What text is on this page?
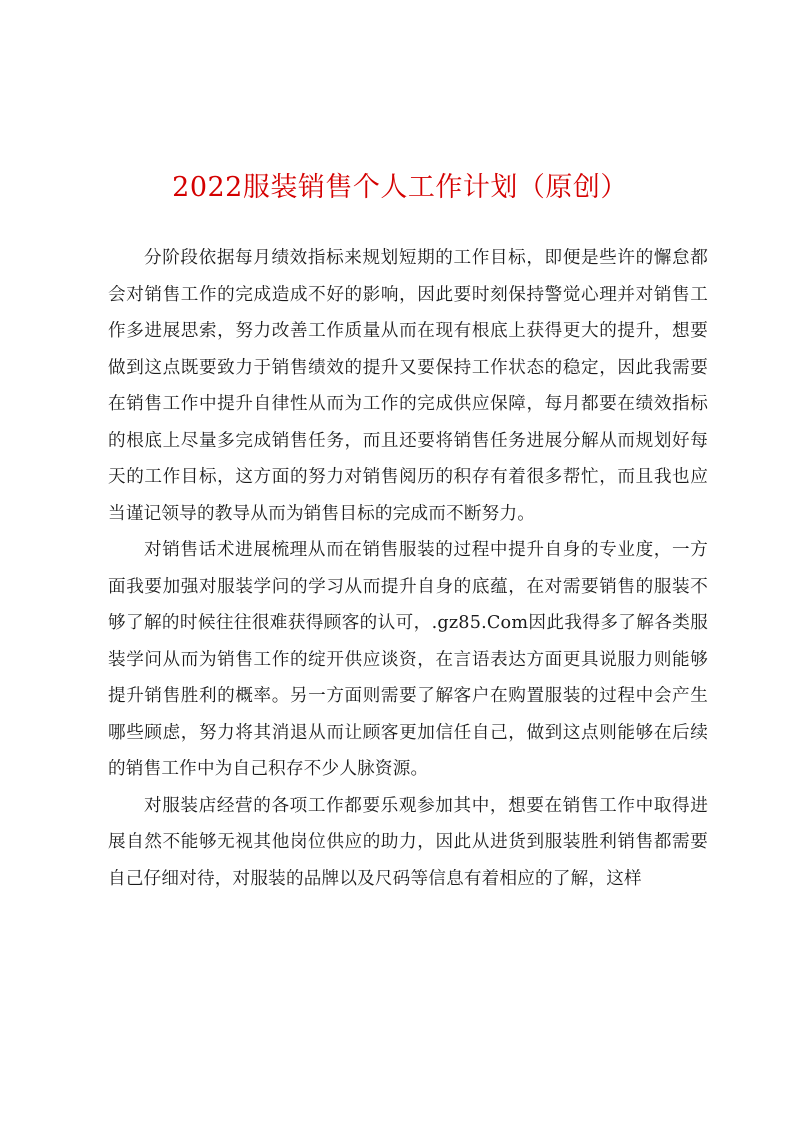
2022服装销售个人工作计划（原创）

分阶段依据每月绩效指标来规划短期的工作目标，即便是些许的懈怠都会对销售工作的完成造成不好的影响，因此要时刻保持警觉心理并对销售工作多进展思索，努力改善工作质量从而在现有根底上获得更大的提升，想要做到这点既要致力于销售绩效的提升又要保持工作状态的稳定，因此我需要在销售工作中提升自律性从而为工作的完成供应保障，每月都要在绩效指标的根底上尽量多完成销售任务，而且还要将销售任务进展分解从而规划好每天的工作目标，这方面的努力对销售阅历的积存有着很多帮忙，而且我也应当谨记领导的教导从而为销售目标的完成而不断努力。

对销售话术进展梳理从而在销售服装的过程中提升自身的专业度，一方面我要加强对服装学问的学习从而提升自身的底蕴，在对需要销售的服装不够了解的时候往往很难获得顾客的认可，.gz85.Com因此我得多了解各类服装学问从而为销售工作的绽开供应谈资，在言语表达方面更具说服力则能够提升销售胜利的概率。另一方面则需要了解客户在购置服装的过程中会产生哪些顾虑，努力将其消退从而让顾客更加信任自己，做到这点则能够在后续的销售工作中为自己积存不少人脉资源。

对服装店经营的各项工作都要乐观参加其中，想要在销售工作中取得进展自然不能够无视其他岗位供应的助力，因此从进货到服装胜利销售都需要自己仔细对待，对服装的品牌以及尺码等信息有着相应的了解，这样
